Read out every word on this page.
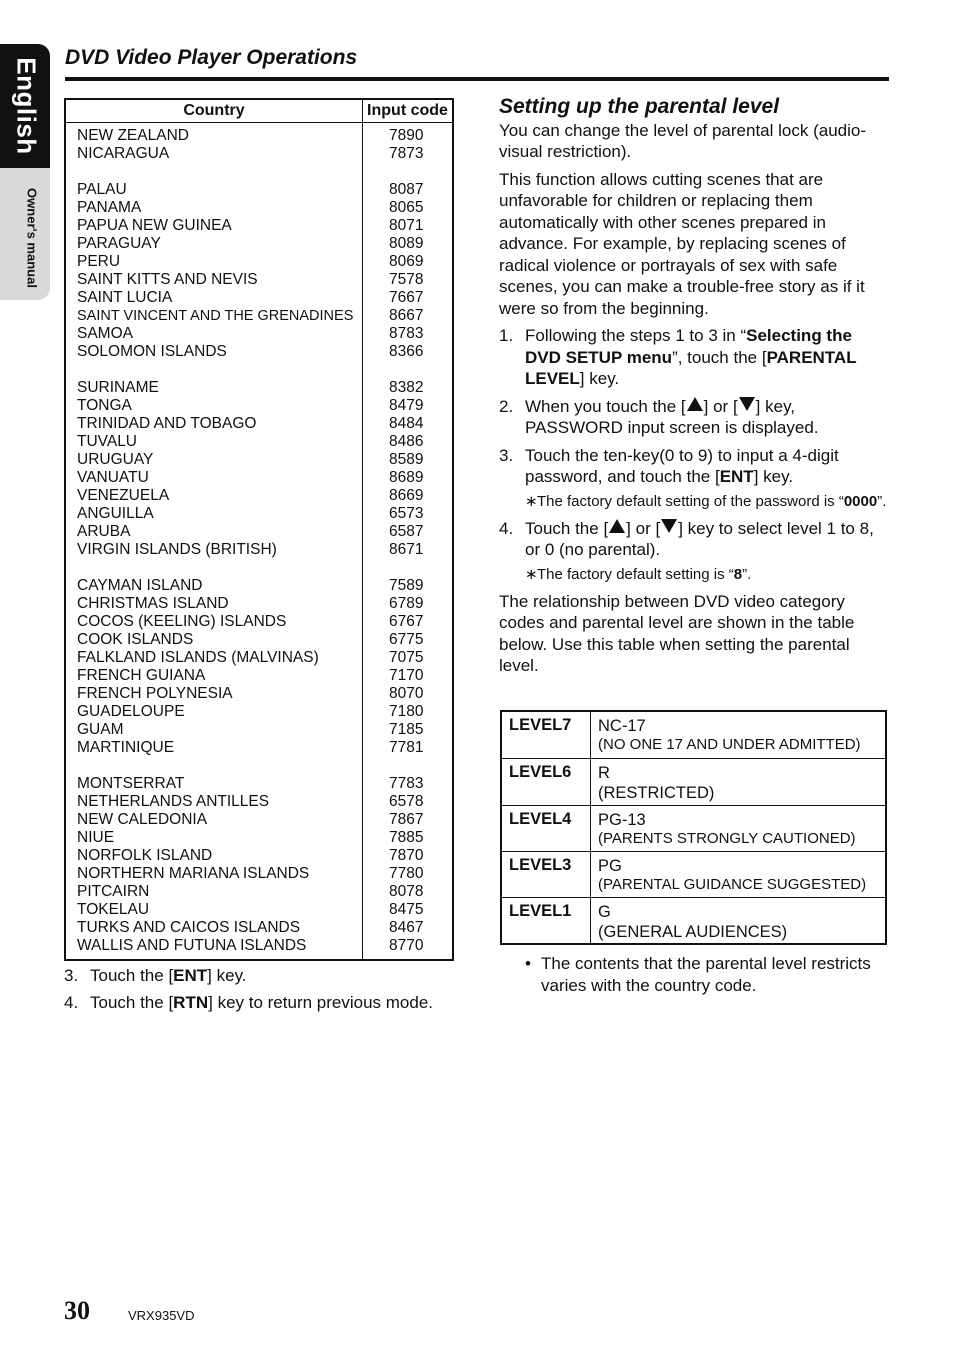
English
Owner's manual
DVD Video Player Operations
Country	Input code
NEW ZEALAND	7890
NICARAGUA	7873
PALAU	8087
PANAMA	8065
PAPUA NEW GUINEA	8071
PARAGUAY	8089
PERU	8069
SAINT KITTS AND NEVIS	7578
SAINT LUCIA	7667
SAINT VINCENT AND THE GRENADINES 8667
SAMOA	8783
SOLOMON ISLANDS	8366
SURINAME	8382
TONGA	8479
TRINIDAD AND TOBAGO	8484
TUVALU	8486
URUGUAY	8589
VANUATU	8689
VENEZUELA	8669
ANGUILLA	6573
ARUBA	6587
VIRGIN ISLANDS (BRITISH)	8671
CAYMAN ISLAND	7589
CHRISTMAS ISLAND	6789
COCOS (KEELING) ISLANDS	6767
COOK ISLANDS	6775
FALKLAND ISLANDS (MALVINAS)	7075
FRENCH GUIANA	7170
FRENCH POLYNESIA	8070
GUADELOUPE	7180
GUAM	7185
MARTINIQUE	7781
MONTSERRAT	7783
NETHERLANDS ANTILLES	6578
NEW CALEDONIA	7867
NIUE	7885
NORFOLK ISLAND	7870
NORTHERN MARIANA ISLANDS	7780
PITCAIRN	8078
TOKELAU	8475
TURKS AND CAICOS ISLANDS	8467
WALLIS AND FUTUNA ISLANDS	8770
3. Touch the [ENT] key.
4. Touch the [RTN] key to return previous mode.
Setting up the parental level
You can change the level of parental lock (audio-visual restriction).
This function allows cutting scenes that are unfavorable for children or replacing them automatically with other scenes prepared in advance. For example, by replacing scenes of radical violence or portrayals of sex with safe scenes, you can make a trouble-free story as if it were so from the beginning.
1. Following the steps 1 to 3 in “Selecting the DVD SETUP menu”, touch the [PARENTAL LEVEL] key.
2. When you touch the [ ] or [ ] key, PASSWORD input screen is displayed.
3. Touch the ten-key(0 to 9) to input a 4-digit password, and touch the [ENT] key.
∗ The factory default setting of the password is “0000”.
4. Touch the [ ] or [ ] key to select level 1 to 8, or 0 (no parental).
∗ The factory default setting is “8”.
The relationship between DVD video category codes and parental level are shown in the table below. Use this table when setting the parental level.
LEVEL7 NC-17
(NO ONE 17 AND UNDER ADMITTED)
LEVEL6 R
(RESTRICTED)
LEVEL4 PG-13
(PARENTS STRONGLY CAUTIONED)
LEVEL3 PG
(PARENTAL GUIDANCE SUGGESTED)
LEVEL1 G
(GENERAL AUDIENCES)
• The contents that the parental level restricts varies with the country code.
30	VRX935VD
